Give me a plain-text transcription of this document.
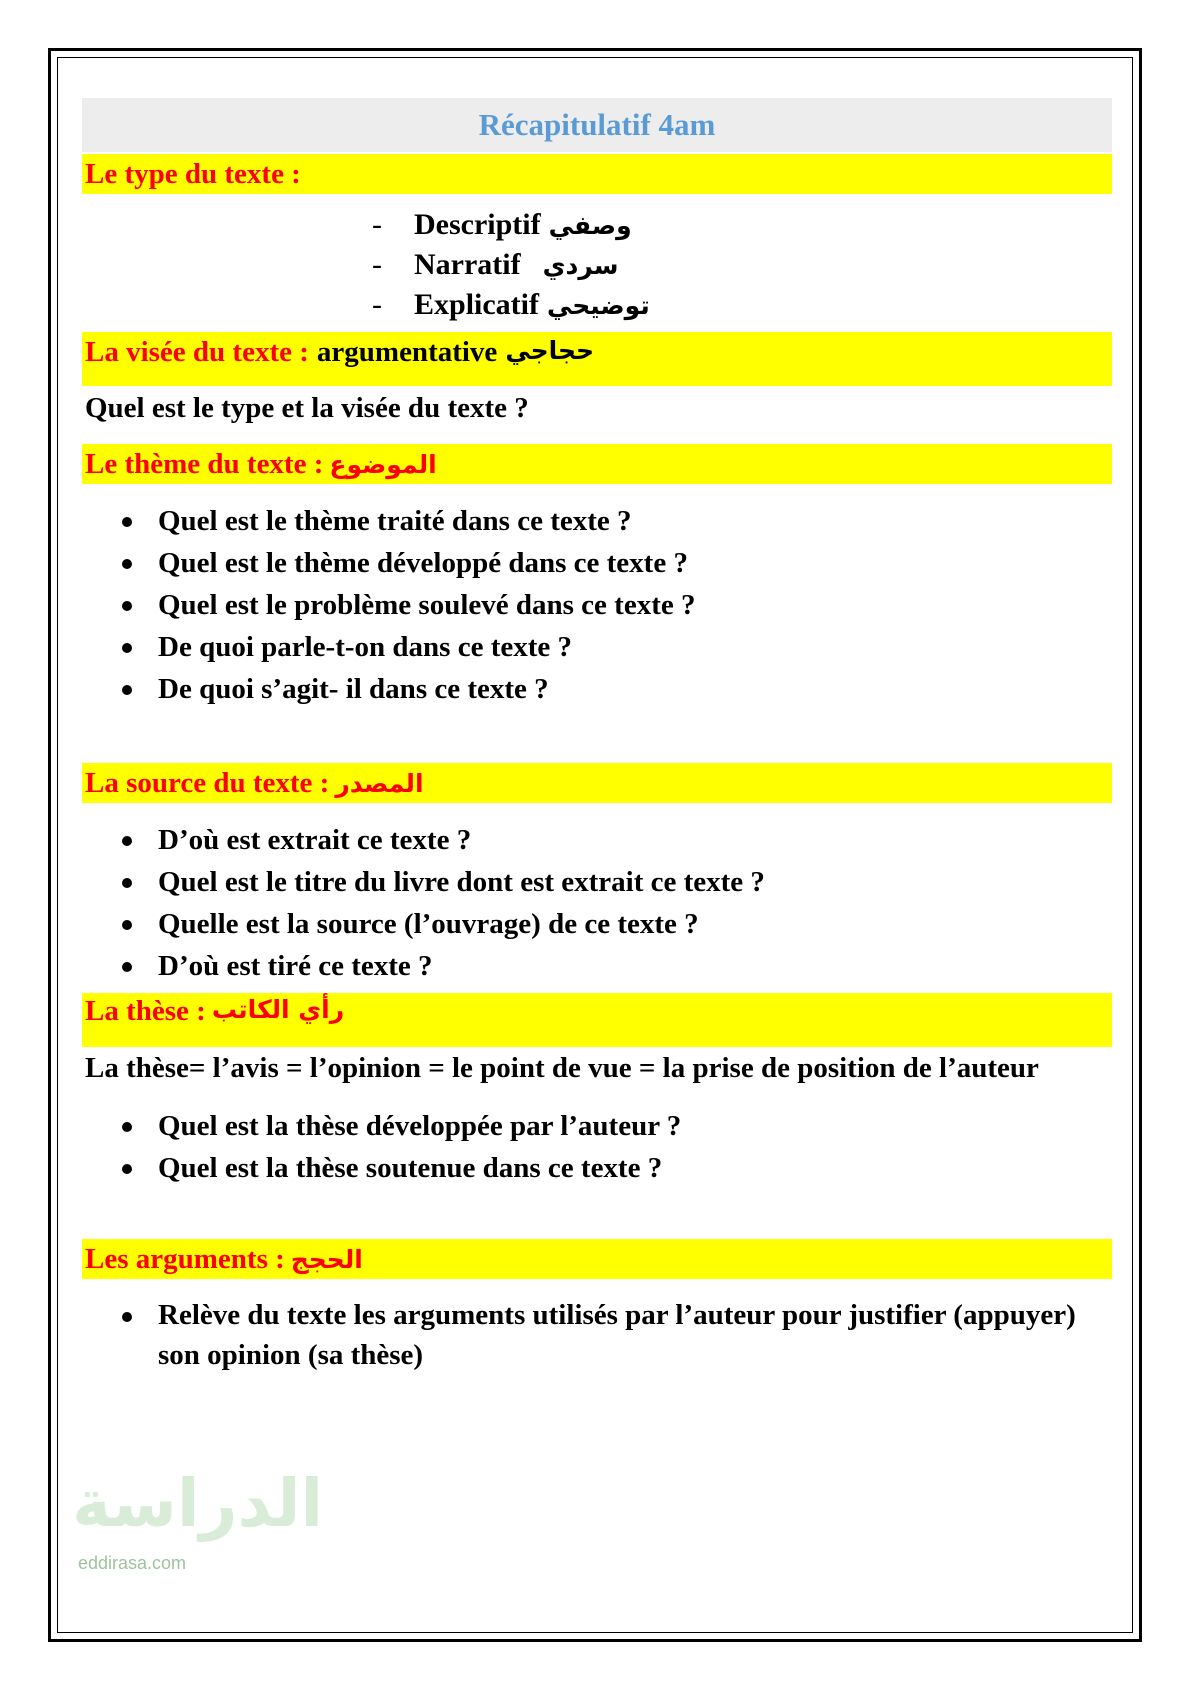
Récapitulatif 4am
Le type du texte :
- Descriptif وصفي
- Narratif سردي
- Explicatif توضيحي
La visée du texte : argumentative حجاجي
Quel est le type et la visée du texte ?
Le thème du texte : الموضوع
Quel est le thème traité dans ce texte ?
Quel est le thème développé dans ce texte ?
Quel est le problème soulevé dans ce texte ?
De quoi parle-t-on dans ce texte ?
De quoi s’agit- il dans ce texte ?
La source du texte : المصدر
D’où est extrait ce texte ?
Quel est le titre du livre dont est extrait ce texte ?
Quelle est la source (l’ouvrage) de ce texte ?
D’où est tiré ce texte ?
La thèse : رأي الكاتب
La thèse= l’avis = l’opinion = le point de vue = la prise de position de l’auteur
Quel est la thèse développée par l’auteur ?
Quel est la thèse soutenue dans ce texte ?
Les arguments : الحجج
Relève du texte les arguments utilisés par l’auteur pour justifier (appuyer) son opinion (sa thèse)
الدراسة
eddirasa.com
